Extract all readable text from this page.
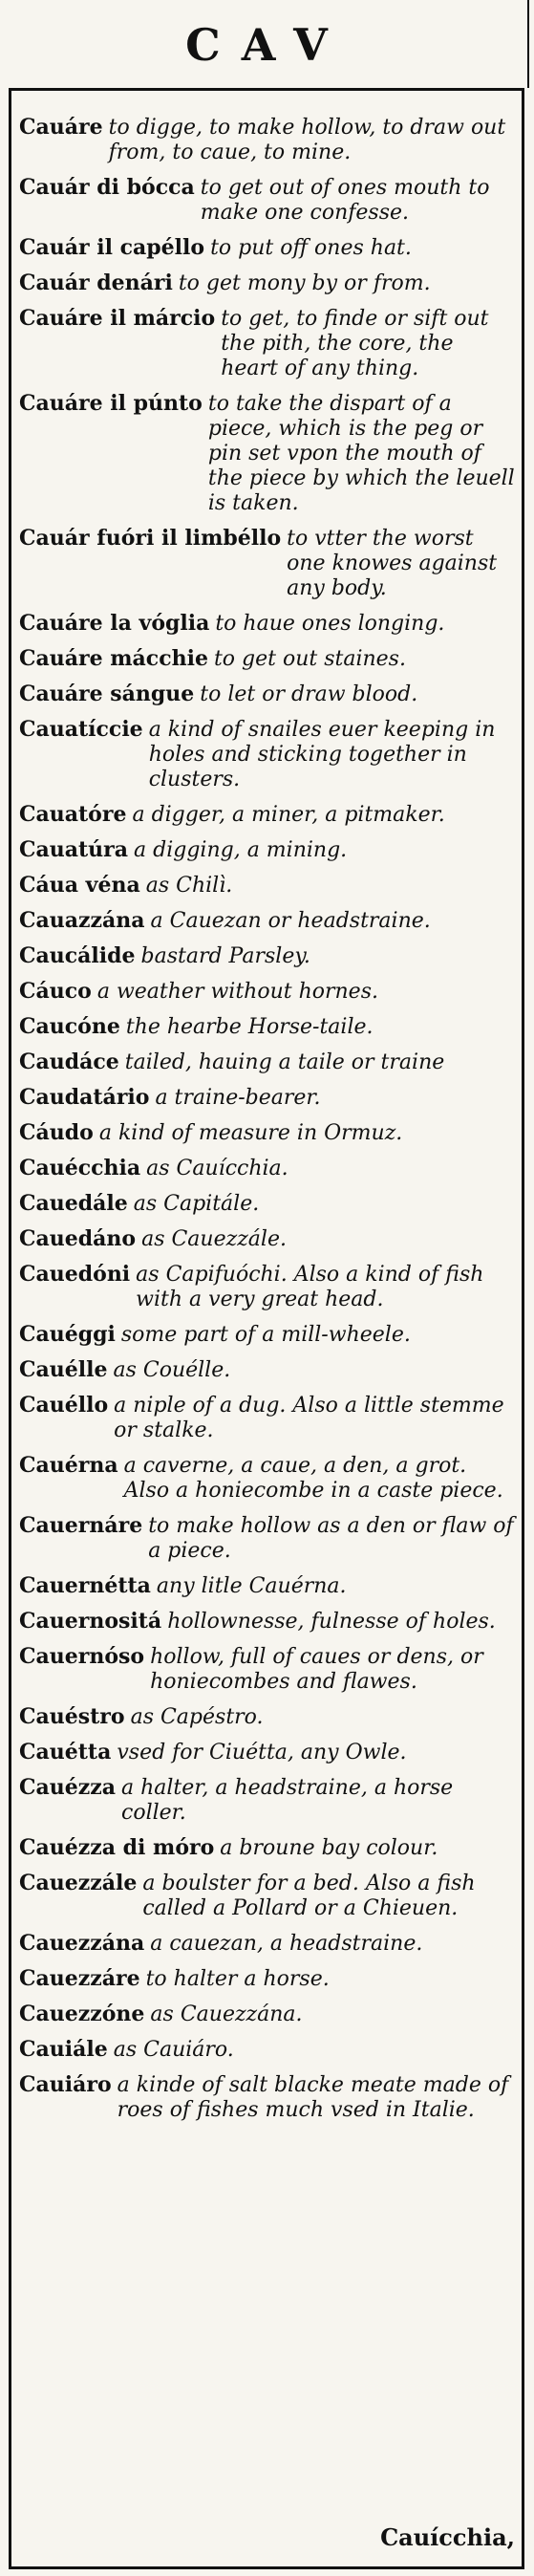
CAV
Cauáre to digge, to make hollow, to draw out from, to caue, to mine.
Cauár di bócca to get out of ones mouth to make one confesse.
Cauár il capéllo to put off ones hat.
Cauár denári to get mony by or from.
Cauáre il márcio to get, to finde or sift out the pith, the core, the heart of any thing.
Cauáre il púnto to take the dispart of a piece, which is the peg or pin set vpon the mouth of the piece by which the leuell is taken.
Cauár fuóri il limbéllo to vtter the worst one knowes against any body.
Cauáre la vóglia to haue ones longing.
Cauáre mácchie to get out staines.
Cauáre sángue to let or draw blood.
Cauatíccie a kind of snailes euer keeping in holes and sticking together in clusters.
Cauatóre a digger, a miner, a pitmaker.
Cauatúra a digging, a mining.
Cáua véna as Chilì.
Cauazzána a Cauezan or headstraine.
Caucálide bastard Parsley.
Cáuco a weather without hornes.
Caucóne the hearbe Horse-taile.
Caudáce tailed, hauing a taile or traine
Caudatário a traine-bearer.
Cáudo a kind of measure in Ormuz.
Cauécchia as Cauícchia.
Cauedále as Capitále.
Cauedáno as Cauezzále.
Cauedóni as Capifuóchi. Also a kind of fish with a very great head.
Cauéggi some part of a mill-wheele.
Cauélle as Couélle.
Cauéllo a niple of a dug. Also a little stemme or stalke.
Cauérna a caverne, a caue, a den, a grot. Also a honiecombe in a caste piece.
Cauernáre to make hollow as a den or flaw of a piece.
Cauernétta any litle Cauérna.
Cauernositá hollownesse, fulnesse of holes.
Cauernóso hollow, full of caues or dens, or honiecombes and flawes.
Cauéstro as Capéstro.
Cauétta vsed for Ciuétta, any Owle.
Cauézza a halter, a headstraine, a horse coller.
Cauézza di móro a broune bay colour.
Cauezzále a boulster for a bed. Also a fish called a Pollard or a Chieuen.
Cauezzána a cauezan, a headstraine.
Cauezzáre to halter a horse.
Cauezzóne as Cauezzána.
Cauiále as Cauiáro.
Cauiáro a kinde of salt blacke meate made of roes of fishes much vsed in Italie.
Cauícchia,
